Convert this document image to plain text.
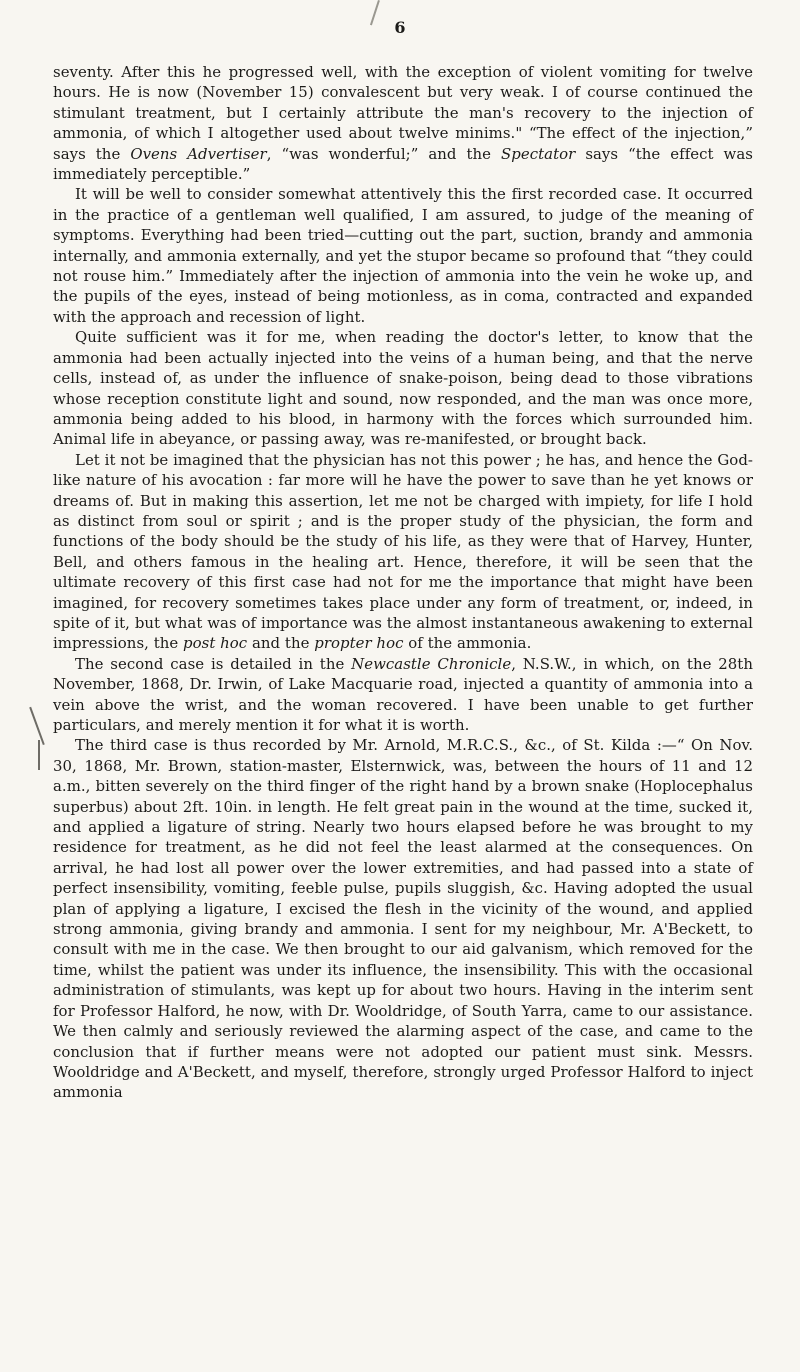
6

seventy. After this he progressed well, with the exception of violent vomiting for twelve hours. He is now (November 15) convalescent but very weak. I of course continued the stimulant treatment, but I certainly attribute the man's recovery to the injection of ammonia, of which I altogether used about twelve minims." “The effect of the injection,” says the Ovens Advertiser, “was wonderful;” and the Spectator says “the effect was immediately perceptible.”

It will be well to consider somewhat attentively this the first recorded case. It occurred in the practice of a gentleman well qualified, I am assured, to judge of the meaning of symptoms. Everything had been tried—cutting out the part, suction, brandy and ammonia internally, and ammonia externally, and yet the stupor became so profound that “they could not rouse him.” Immediately after the injection of ammonia into the vein he woke up, and the pupils of the eyes, instead of being motionless, as in coma, contracted and expanded with the approach and recession of light.

Quite sufficient was it for me, when reading the doctor's letter, to know that the ammonia had been actually injected into the veins of a human being, and that the nerve cells, instead of, as under the influence of snake-poison, being dead to those vibrations whose reception constitute light and sound, now responded, and the man was once more, ammonia being added to his blood, in harmony with the forces which surrounded him. Animal life in abeyance, or passing away, was re-manifested, or brought back.

Let it not be imagined that the physician has not this power ; he has, and hence the God-like nature of his avocation : far more will he have the power to save than he yet knows or dreams of. But in making this assertion, let me not be charged with impiety, for life I hold as distinct from soul or spirit ; and is the proper study of the physician, the form and functions of the body should be the study of his life, as they were that of Harvey, Hunter, Bell, and others famous in the healing art. Hence, therefore, it will be seen that the ultimate recovery of this first case had not for me the importance that might have been imagined, for recovery sometimes takes place under any form of treatment, or, indeed, in spite of it, but what was of importance was the almost instantaneous awakening to external impressions, the post hoc and the propter hoc of the ammonia.

The second case is detailed in the Newcastle Chronicle, N.S.W., in which, on the 28th November, 1868, Dr. Irwin, of Lake Macquarie road, injected a quantity of ammonia into a vein above the wrist, and the woman recovered. I have been unable to get further particulars, and merely mention it for what it is worth.

The third case is thus recorded by Mr. Arnold, M.R.C.S., &c., of St. Kilda :—“ On Nov. 30, 1868, Mr. Brown, station-master, Elsternwick, was, between the hours of 11 and 12 a.m., bitten severely on the third finger of the right hand by a brown snake (Hoplocephalus superbus) about 2ft. 10in. in length. He felt great pain in the wound at the time, sucked it, and applied a ligature of string. Nearly two hours elapsed before he was brought to my residence for treatment, as he did not feel the least alarmed at the consequences. On arrival, he had lost all power over the lower extremities, and had passed into a state of perfect insensibility, vomiting, feeble pulse, pupils sluggish, &c. Having adopted the usual plan of applying a ligature, I excised the flesh in the vicinity of the wound, and applied strong ammonia, giving brandy and ammonia. I sent for my neighbour, Mr. A'Beckett, to consult with me in the case. We then brought to our aid galvanism, which removed for the time, whilst the patient was under its influence, the insensibility. This with the occasional administration of stimulants, was kept up for about two hours. Having in the interim sent for Professor Halford, he now, with Dr. Wooldridge, of South Yarra, came to our assistance. We then calmly and seriously reviewed the alarming aspect of the case, and came to the conclusion that if further means were not adopted our patient must sink. Messrs. Wooldridge and A'Beckett, and myself, therefore, strongly urged Professor Halford to inject ammonia
